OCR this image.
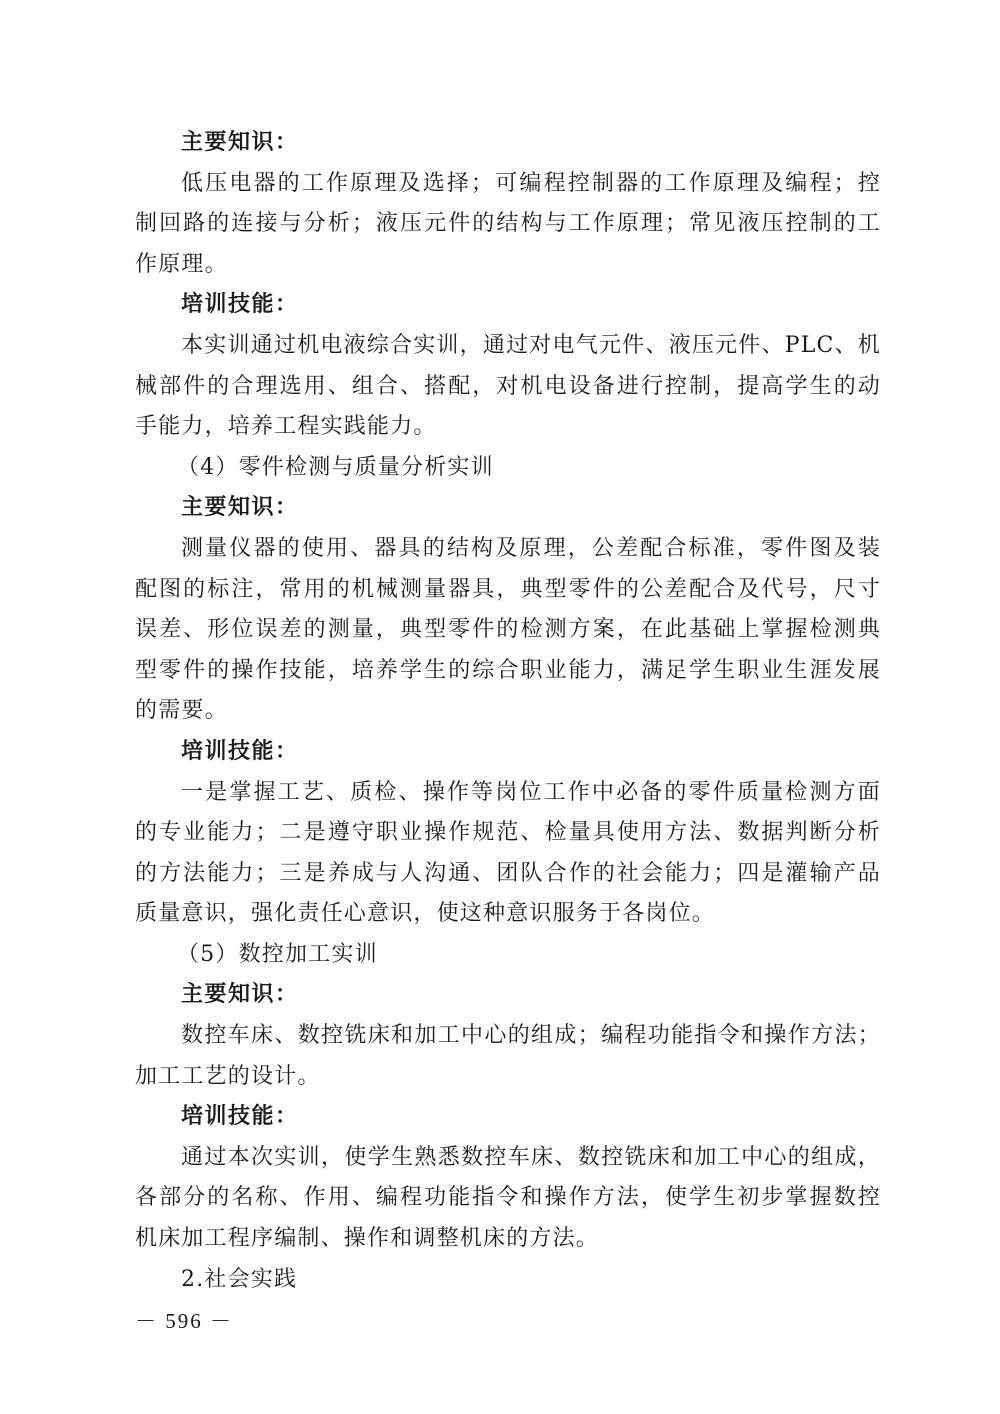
主要知识：
低压电器的工作原理及选择；可编程控制器的工作原理及编程；控
制回路的连接与分析；液压元件的结构与工作原理；常见液压控制的工
作原理。
培训技能：
本实训通过机电液综合实训，通过对电气元件、液压元件、PLC、机
械部件的合理选用、组合、搭配，对机电设备进行控制，提高学生的动
手能力，培养工程实践能力。
（4）零件检测与质量分析实训
主要知识：
测量仪器的使用、器具的结构及原理，公差配合标准，零件图及装
配图的标注，常用的机械测量器具，典型零件的公差配合及代号，尺寸
误差、形位误差的测量，典型零件的检测方案，在此基础上掌握检测典
型零件的操作技能，培养学生的综合职业能力，满足学生职业生涯发展
的需要。
培训技能：
一是掌握工艺、质检、操作等岗位工作中必备的零件质量检测方面
的专业能力；二是遵守职业操作规范、检量具使用方法、数据判断分析
的方法能力；三是养成与人沟通、团队合作的社会能力；四是灌输产品
质量意识，强化责任心意识，使这种意识服务于各岗位。
（5）数控加工实训
主要知识：
数控车床、数控铣床和加工中心的组成；编程功能指令和操作方法；
加工工艺的设计。
培训技能：
通过本次实训，使学生熟悉数控车床、数控铣床和加工中心的组成，
各部分的名称、作用、编程功能指令和操作方法，使学生初步掌握数控
机床加工程序编制、操作和调整机床的方法。
2.社会实践
－ 596 －
